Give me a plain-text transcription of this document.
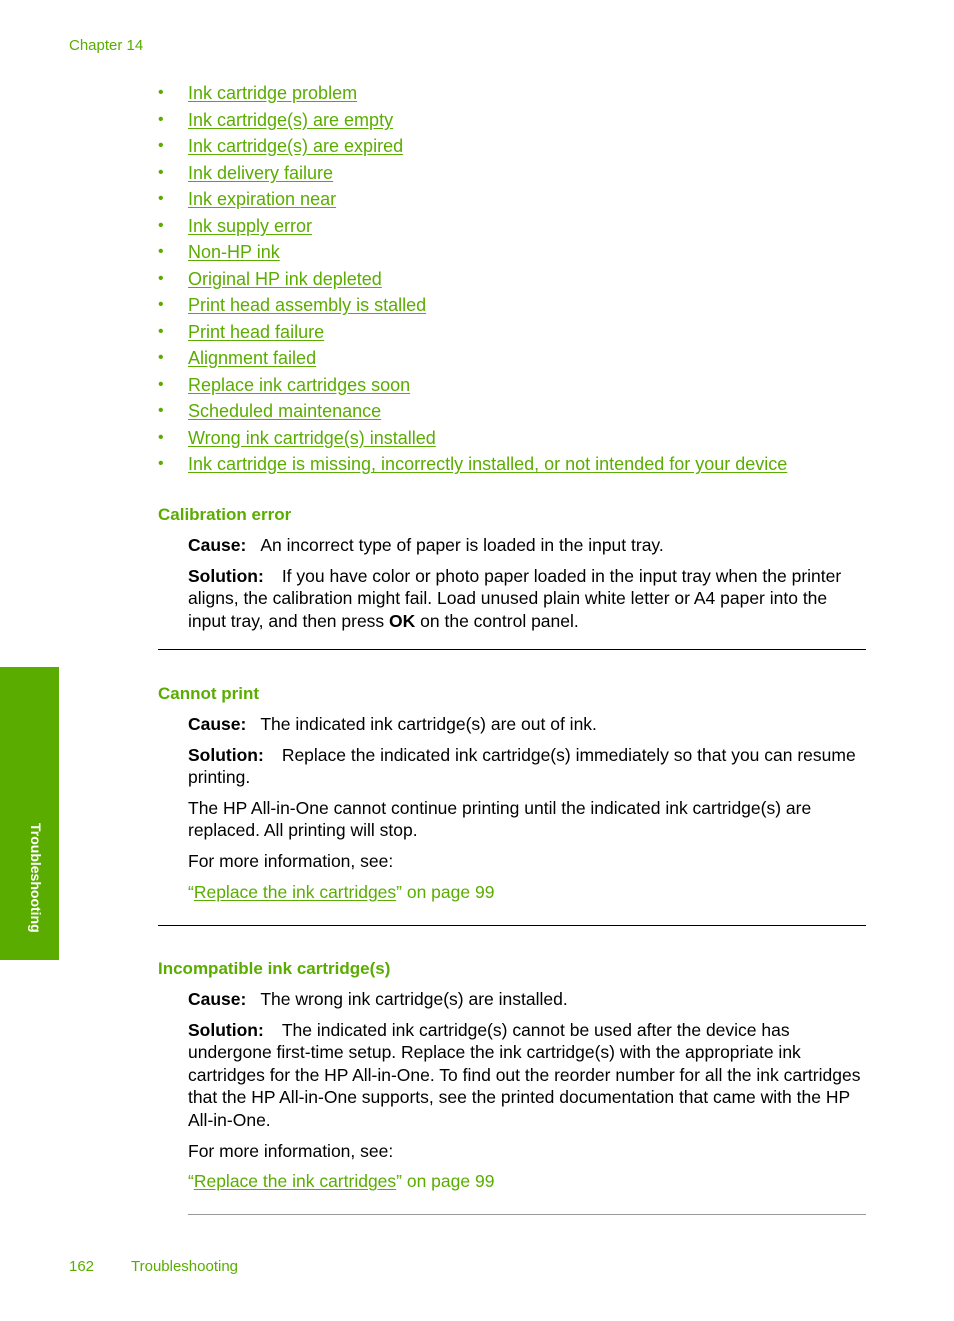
Chapter 14
• Ink cartridge problem
• Ink cartridge(s) are empty
• Ink cartridge(s) are expired
• Ink delivery failure
• Ink expiration near
• Ink supply error
• Non-HP ink
• Original HP ink depleted
• Print head assembly is stalled
• Print head failure
• Alignment failed
• Replace ink cartridges soon
• Scheduled maintenance
• Wrong ink cartridge(s) installed
• Ink cartridge is missing, incorrectly installed, or not intended for your device
Calibration error

Cause: An incorrect type of paper is loaded in the input tray.

Solution: If you have color or photo paper loaded in the input tray when the printer aligns, the calibration might fail. Load unused plain white letter or A4 paper into the input tray, and then press OK on the control panel.

Cannot print

Cause: The indicated ink cartridge(s) are out of ink.

Solution: Replace the indicated ink cartridge(s) immediately so that you can resume printing.

The HP All-in-One cannot continue printing until the indicated ink cartridge(s) are replaced. All printing will stop.

For more information, see:

“Replace the ink cartridges” on page 99

Incompatible ink cartridge(s)

Cause: The wrong ink cartridge(s) are installed.

Solution: The indicated ink cartridge(s) cannot be used after the device has undergone first-time setup. Replace the ink cartridge(s) with the appropriate ink cartridges for the HP All-in-One. To find out the reorder number for all the ink cartridges that the HP All-in-One supports, see the printed documentation that came with the HP All-in-One.

For more information, see:

“Replace the ink cartridges” on page 99

Troubleshooting
162 Troubleshooting
